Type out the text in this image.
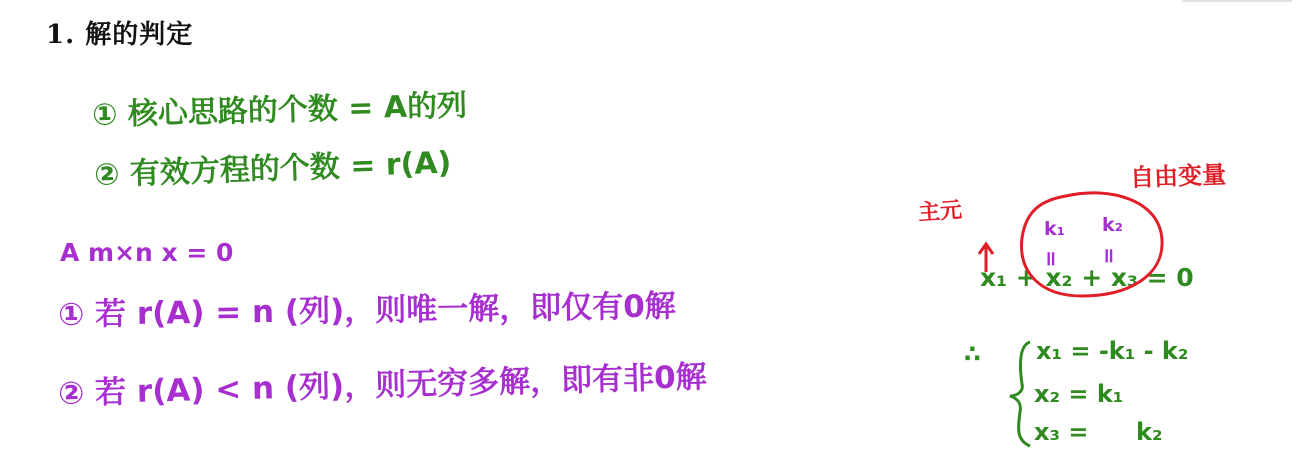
1. 解的判定
① 核心思路的个数 = A的列
② 有效方程的个数 = r(A)
A m×n x = 0
① 若 r(A) = n (列)，则唯一解，即仅有0解
② 若 r(A) < n (列)，则无穷多解，即有非0解
自由变量
主元
k₁ k₂
॥ ॥
x₁ + x₂ + x₃ = 0
∴ x₁ = -k₁ - k₂
x₂ = k₁
x₃ = k₂
